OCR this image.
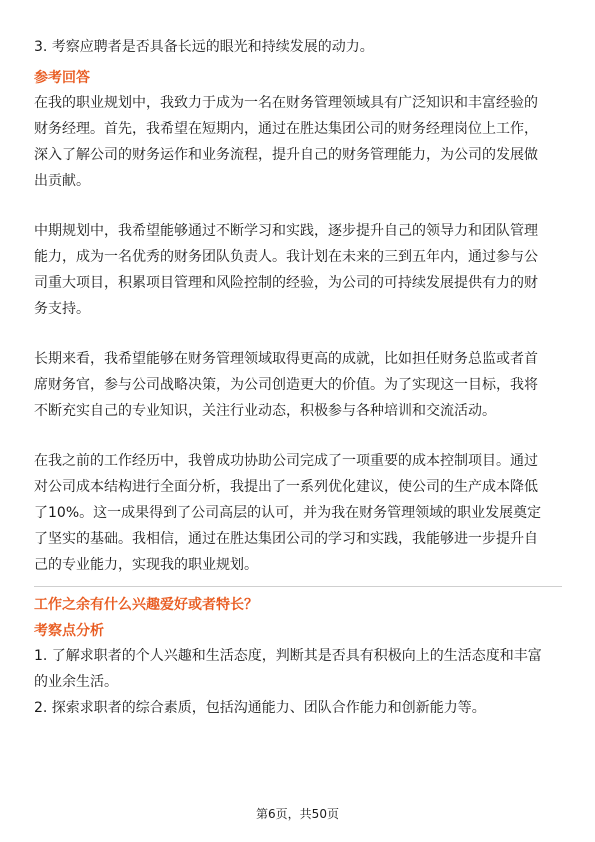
3. 考察应聘者是否具备长远的眼光和持续发展的动力。

参考回答

在我的职业规划中，我致力于成为一名在财务管理领域具有广泛知识和丰富经验的

财务经理。首先，我希望在短期内，通过在胜达集团公司的财务经理岗位上工作，

深入了解公司的财务运作和业务流程，提升自己的财务管理能力，为公司的发展做

出贡献。

中期规划中，我希望能够通过不断学习和实践，逐步提升自己的领导力和团队管理

能力，成为一名优秀的财务团队负责人。我计划在未来的三到五年内，通过参与公

司重大项目，积累项目管理和风险控制的经验，为公司的可持续发展提供有力的财

务支持。

长期来看，我希望能够在财务管理领域取得更高的成就，比如担任财务总监或者首

席财务官，参与公司战略决策，为公司创造更大的价值。为了实现这一目标，我将

不断充实自己的专业知识，关注行业动态，积极参与各种培训和交流活动。

在我之前的工作经历中，我曾成功协助公司完成了一项重要的成本控制项目。通过

对公司成本结构进行全面分析，我提出了一系列优化建议，使公司的生产成本降低

了10%。这一成果得到了公司高层的认可，并为我在财务管理领域的职业发展奠定

了坚实的基础。我相信，通过在胜达集团公司的学习和实践，我能够进一步提升自

己的专业能力，实现我的职业规划。

工作之余有什么兴趣爱好或者特长？

考察点分析

1. 了解求职者的个人兴趣和生活态度，判断其是否具有积极向上的生活态度和丰富

的业余生活。

2. 探索求职者的综合素质，包括沟通能力、团队合作能力和创新能力等。

第6页，共50页
